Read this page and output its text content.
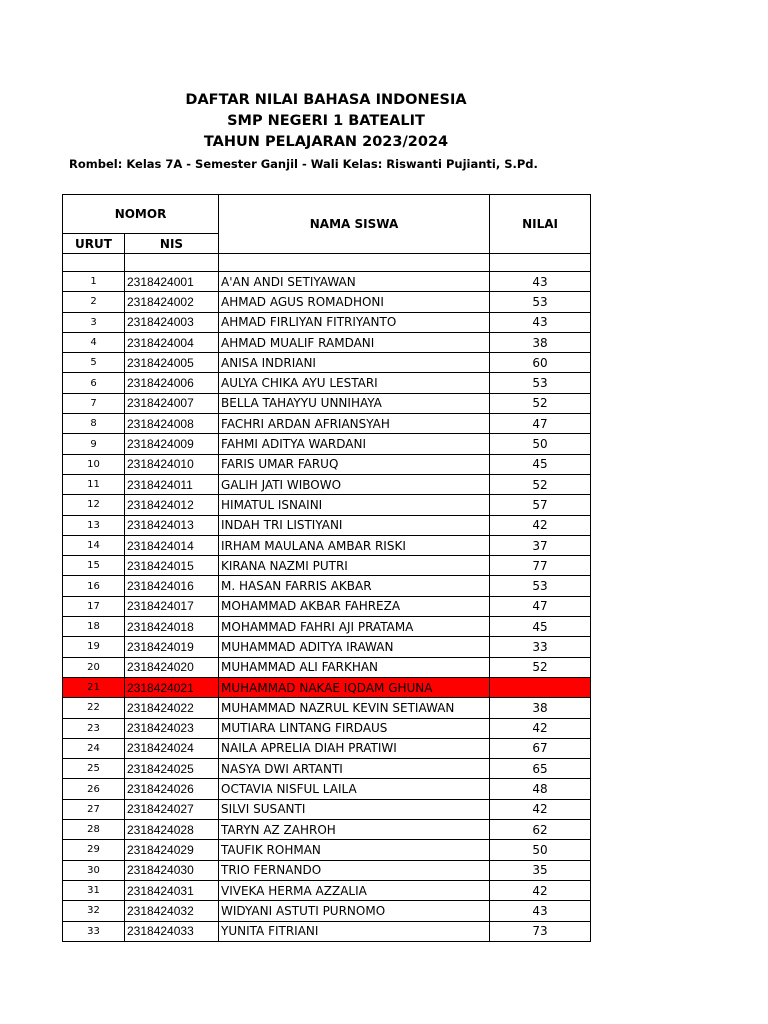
DAFTAR NILAI BAHASA INDONESIA
SMP NEGERI 1 BATEALIT
TAHUN PELAJARAN 2023/2024
Rombel: Kelas 7A - Semester Ganjil - Wali Kelas: Riswanti Pujianti, S.Pd.
NOMOR		NAMA SISWA	NILAI
URUT	NIS		

1	2318424001	A'AN ANDI SETIYAWAN	43
2	2318424002	AHMAD AGUS ROMADHONI	53
3	2318424003	AHMAD FIRLIYAN FITRIYANTO	43
4	2318424004	AHMAD MUALIF RAMDANI	38
5	2318424005	ANISA INDRIANI	60
6	2318424006	AULYA CHIKA AYU LESTARI	53
7	2318424007	BELLA TAHAYYU UNNIHAYA	52
8	2318424008	FACHRI ARDAN AFRIANSYAH	47
9	2318424009	FAHMI ADITYA WARDANI	50
10	2318424010	FARIS UMAR FARUQ	45
11	2318424011	GALIH JATI WIBOWO	52
12	2318424012	HIMATUL ISNAINI	57
13	2318424013	INDAH TRI LISTIYANI	42
14	2318424014	IRHAM MAULANA AMBAR RISKI	37
15	2318424015	KIRANA NAZMI PUTRI	77
16	2318424016	M. HASAN FARRIS AKBAR	53
17	2318424017	MOHAMMAD AKBAR FAHREZA	47
18	2318424018	MOHAMMAD FAHRI AJI PRATAMA	45
19	2318424019	MUHAMMAD ADITYA IRAWAN	33
20	2318424020	MUHAMMAD ALI FARKHAN	52
21	2318424021	MUHAMMAD NAKAE IQDAM GHUNA	
22	2318424022	MUHAMMAD NAZRUL KEVIN SETIAWAN	38
23	2318424023	MUTIARA LINTANG FIRDAUS	42
24	2318424024	NAILA APRELIA DIAH PRATIWI	67
25	2318424025	NASYA DWI ARTANTI	65
26	2318424026	OCTAVIA NISFUL LAILA	48
27	2318424027	SILVI SUSANTI	42
28	2318424028	TARYN AZ ZAHROH	62
29	2318424029	TAUFIK ROHMAN	50
30	2318424030	TRIO FERNANDO	35
31	2318424031	VIVEKA HERMA AZZALIA	42
32	2318424032	WIDYANI ASTUTI PURNOMO	43
33	2318424033	YUNITA FITRIANI	73
